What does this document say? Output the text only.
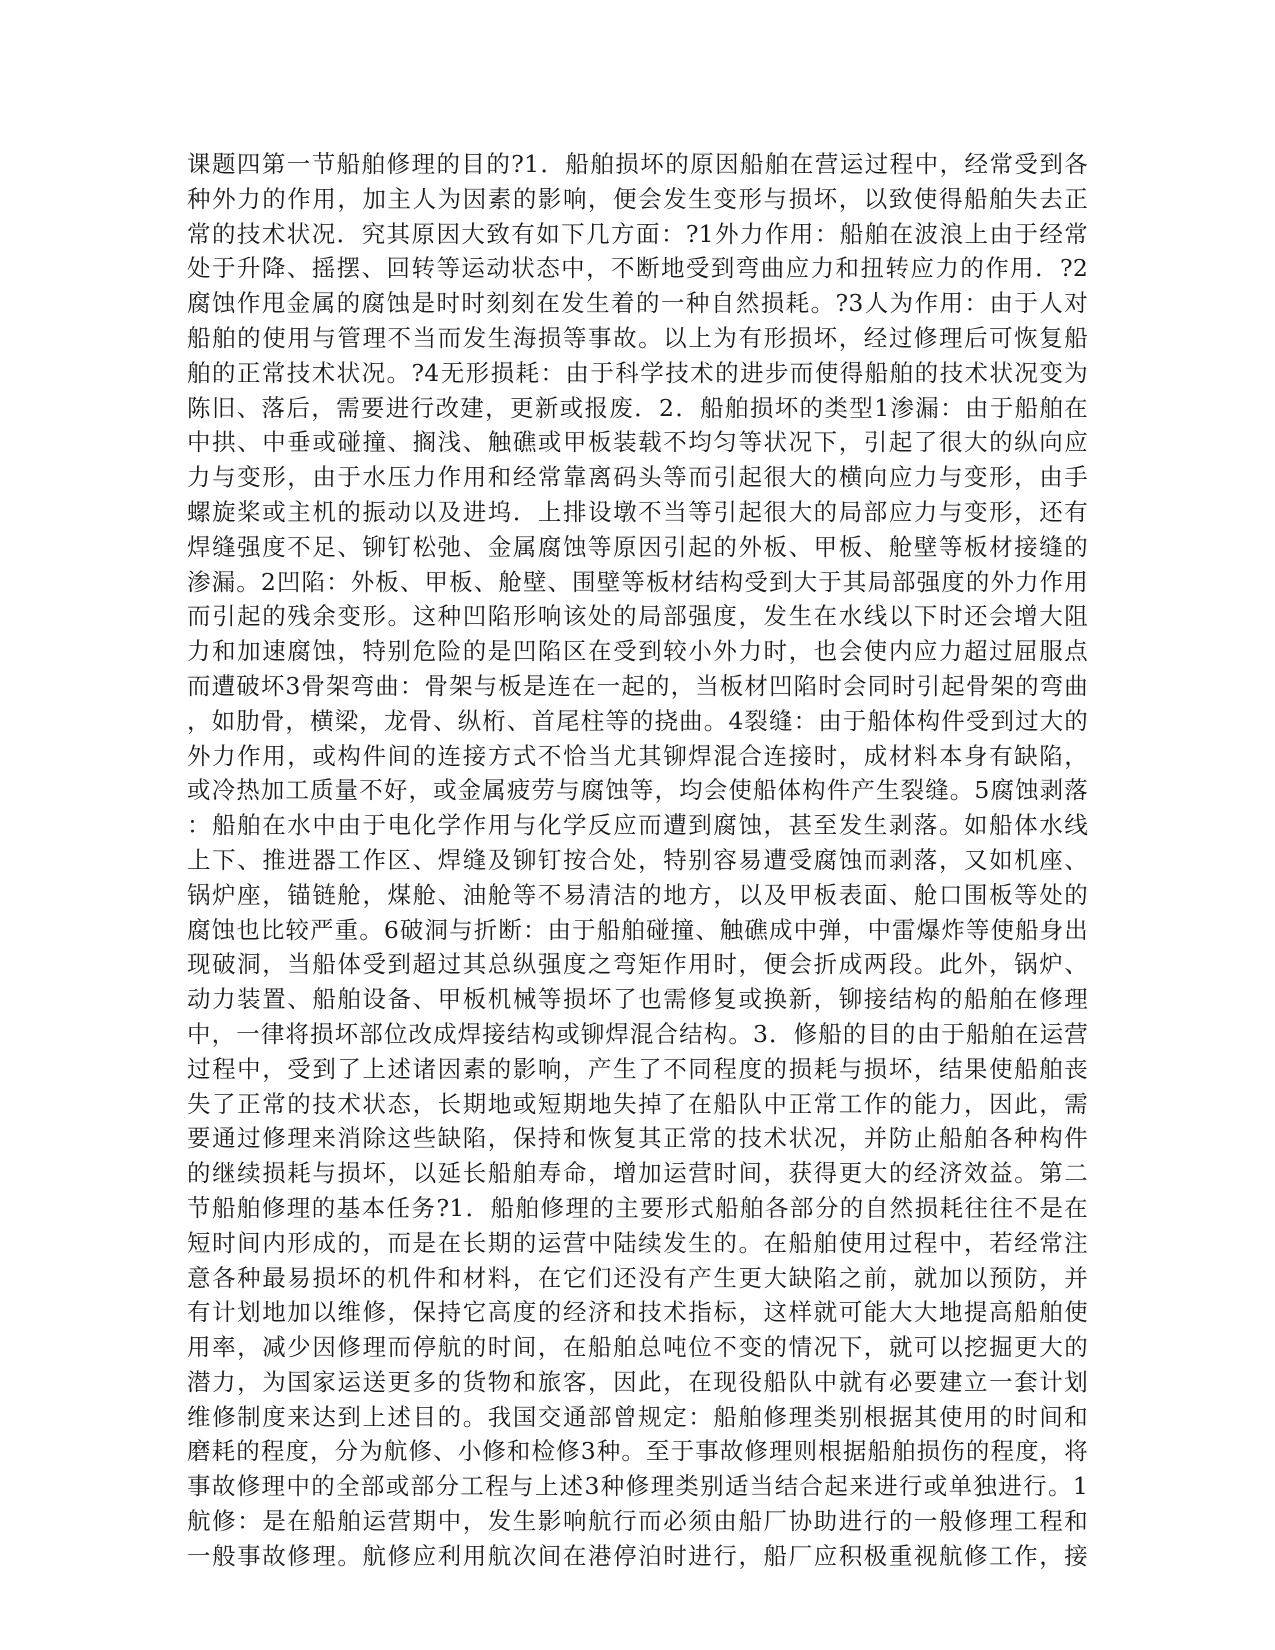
课题四第一节船舶修理的目的?1．船舶损坏的原因船舶在营运过程中，经常受到各
种外力的作用，加主人为因素的影响，便会发生变形与损坏，以致使得船舶失去正
常的技术状况．究其原因大致有如下几方面：?1外力作用：船舶在波浪上由于经常
处于升降、摇摆、回转等运动状态中，不断地受到弯曲应力和扭转应力的作用．?2
腐蚀作甩金属的腐蚀是时时刻刻在发生着的一种自然损耗。?3人为作用：由于人对
船舶的使用与管理不当而发生海损等事故。以上为有形损坏，经过修理后可恢复船
舶的正常技术状况。?4无形损耗：由于科学技术的进步而使得船舶的技术状况变为
陈旧、落后，需要进行改建，更新或报废．2．船舶损坏的类型1渗漏：由于船舶在
中拱、中垂或碰撞、搁浅、触礁或甲板装载不均匀等状况下，引起了很大的纵向应
力与变形，由于水压力作用和经常靠离码头等而引起很大的横向应力与变形，由手
螺旋桨或主机的振动以及进坞．上排设墩不当等引起很大的局部应力与变形，还有
焊缝强度不足、铆钉松弛、金属腐蚀等原因引起的外板、甲板、舱壁等板材接缝的
渗漏。2凹陷：外板、甲板、舱壁、围壁等板材结构受到大于其局部强度的外力作用
而引起的残余变形。这种凹陷形响该处的局部强度，发生在水线以下时还会增大阻
力和加速腐蚀，特别危险的是凹陷区在受到较小外力时，也会使内应力超过屈服点
而遭破坏3骨架弯曲：骨架与板是连在一起的，当板材凹陷时会同时引起骨架的弯曲
，如肋骨，横梁，龙骨、纵桁、首尾柱等的挠曲。4裂缝：由于船体构件受到过大的
外力作用，或构件间的连接方式不恰当尤其铆焊混合连接时，成材料本身有缺陷，
或冷热加工质量不好，或金属疲劳与腐蚀等，均会使船体构件产生裂缝。5腐蚀剥落
：船舶在水中由于电化学作用与化学反应而遭到腐蚀，甚至发生剥落。如船体水线
上下、推进器工作区、焊缝及铆钉按合处，特别容易遭受腐蚀而剥落，又如机座、
锅炉座，锚链舱，煤舱、油舱等不易清洁的地方，以及甲板表面、舱口围板等处的
腐蚀也比较严重。6破洞与折断：由于船舶碰撞、触礁成中弹，中雷爆炸等使船身出
现破洞，当船体受到超过其总纵强度之弯矩作用时，便会折成两段。此外，锅炉、
动力装置、船舶设备、甲板机械等损坏了也需修复或换新，铆接结构的船舶在修理
中，一律将损坏部位改成焊接结构或铆焊混合结构。3．修船的目的由于船舶在运营
过程中，受到了上述诸因素的影响，产生了不同程度的损耗与损坏，结果使船舶丧
失了正常的技术状态，长期地或短期地失掉了在船队中正常工作的能力，因此，需
要通过修理来消除这些缺陷，保持和恢复其正常的技术状况，并防止船舶各种构件
的继续损耗与损坏，以延长船舶寿命，增加运营时间，获得更大的经济效益。第二
节船舶修理的基本任务?1．船舶修理的主要形式船舶各部分的自然损耗往往不是在
短时间内形成的，而是在长期的运营中陆续发生的。在船舶使用过程中，若经常注
意各种最易损坏的机件和材料，在它们还没有产生更大缺陷之前，就加以预防，并
有计划地加以维修，保持它高度的经济和技术指标，这样就可能大大地提高船舶使
用率，减少因修理而停航的时间，在船舶总吨位不变的情况下，就可以挖掘更大的
潜力，为国家运送更多的货物和旅客，因此，在现役船队中就有必要建立一套计划
维修制度来达到上述目的。我国交通部曾规定：船舶修理类别根据其使用的时间和
磨耗的程度，分为航修、小修和检修3种。至于事故修理则根据船舶损伤的程度，将
事故修理中的全部或部分工程与上述3种修理类别适当结合起来进行或单独进行。1
航修：是在船舶运营期中，发生影响航行而必须由船厂协助进行的一般修理工程和
一般事故修理。航修应利用航次间在港停泊时进行，船厂应积极重视航修工作，接
